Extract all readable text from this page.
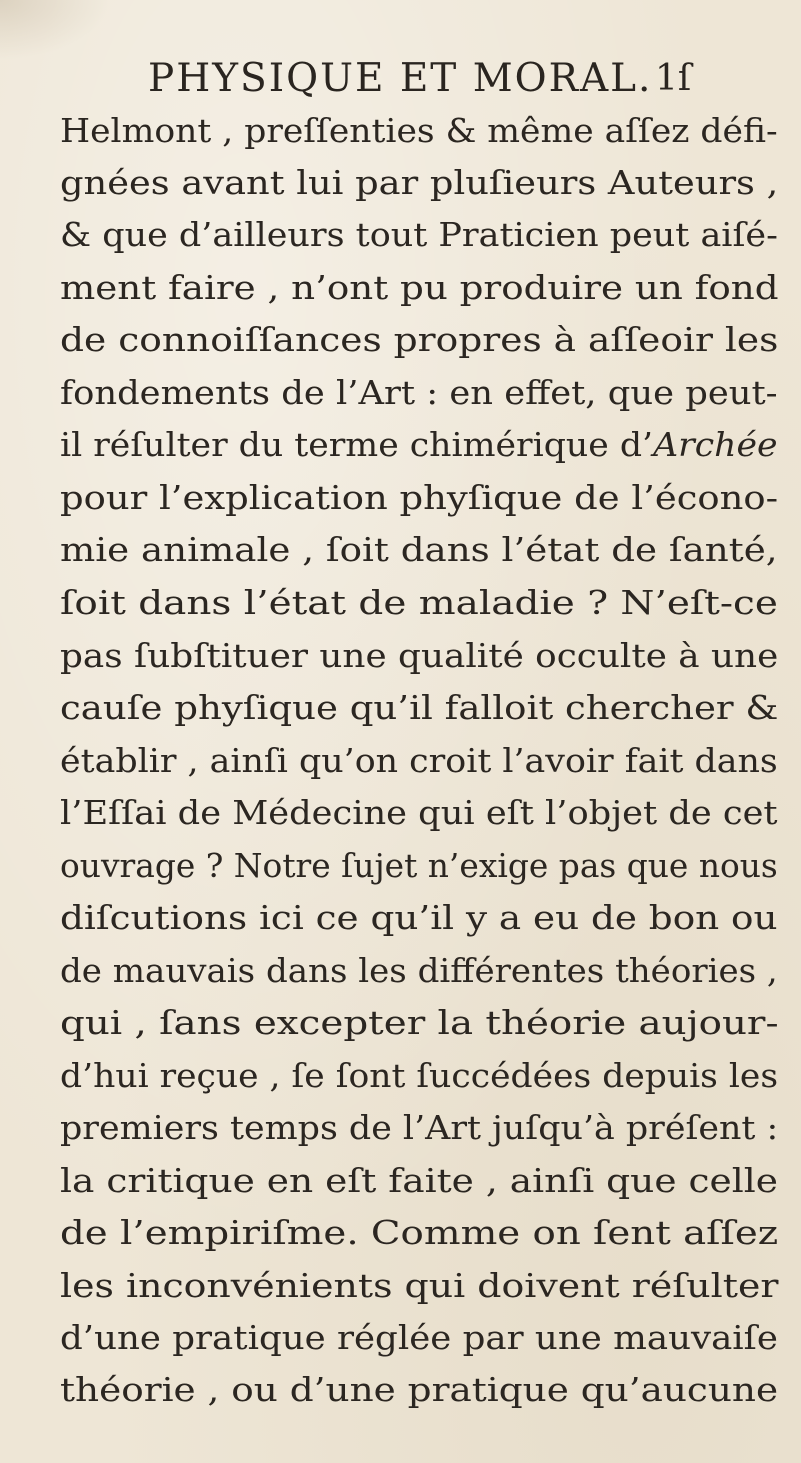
PHYSIQUE ET MORAL. 1ſ
Helmont , preſſenties & même aſſez défi-
gnées avant lui par pluſieurs Auteurs ,
& que d’ailleurs tout Praticien peut aiſé-
ment faire , n’ont pu produire un fond
de connoiſſances propres à aſſeoir les
fondements de l’Art : en effet, que peut-
il réſulter du terme chimérique d’Archée
pour l’explication phyſique de l’écono-
mie animale , ſoit dans l’état de ſanté,
ſoit dans l’état de maladie ? N’eſt-ce
pas ſubſtituer une qualité occulte à une
cauſe phyſique qu’il falloit chercher &
établir , ainſi qu’on croit l’avoir fait dans
l’Eſſai de Médecine qui eſt l’objet de cet
ouvrage ? Notre ſujet n’exige pas que nous
diſcutions ici ce qu’il y a eu de bon ou
de mauvais dans les différentes théories ,
qui , ſans excepter la théorie aujour-
d’hui reçue , ſe ſont ſuccédées depuis les
premiers temps de l’Art juſqu’à préſent :
la critique en eſt faite , ainſi que celle
de l’empiriſme. Comme on ſent aſſez
les inconvénients qui doivent réſulter
d’une pratique réglée par une mauvaiſe
théorie , ou d’une pratique qu’aucune
